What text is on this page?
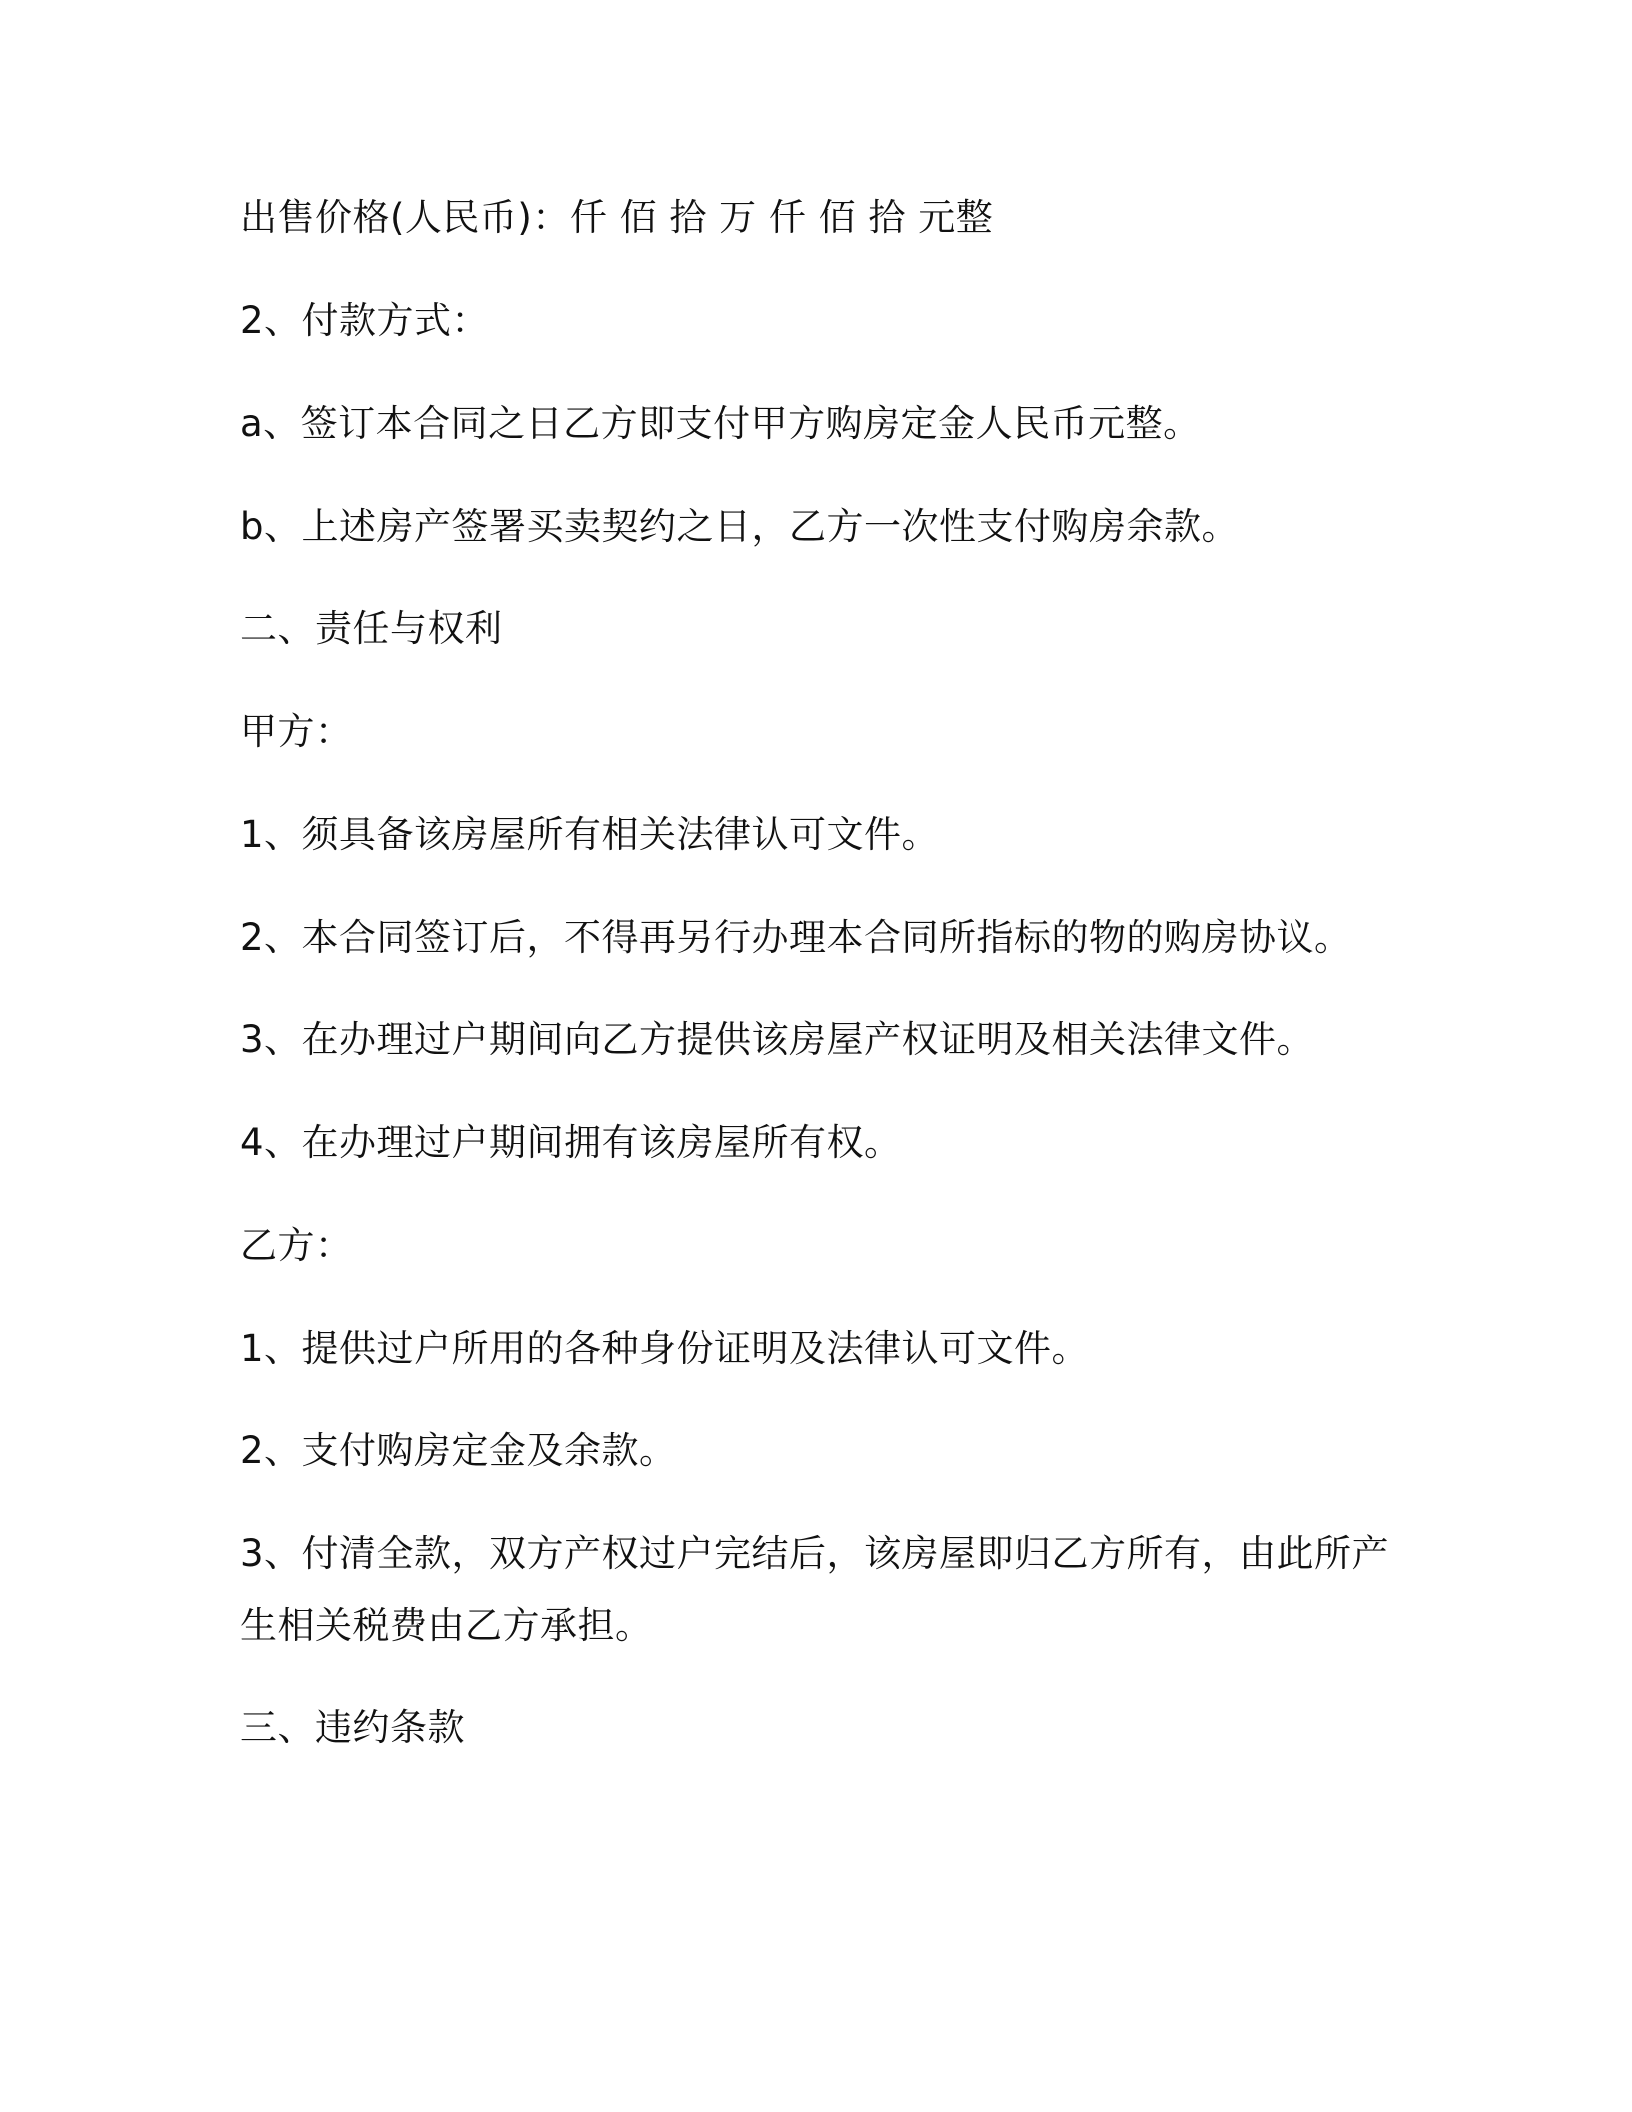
出售价格(人民币)：仟 佰 拾 万 仟 佰 拾 元整
2、付款方式：
a、签订本合同之日乙方即支付甲方购房定金人民币元整。
b、上述房产签署买卖契约之日，乙方一次性支付购房余款。
二、责任与权利
甲方：
1、须具备该房屋所有相关法律认可文件。
2、本合同签订后，不得再另行办理本合同所指标的物的购房协议。
3、在办理过户期间向乙方提供该房屋产权证明及相关法律文件。
4、在办理过户期间拥有该房屋所有权。
乙方：
1、提供过户所用的各种身份证明及法律认可文件。
2、支付购房定金及余款。
3、付清全款，双方产权过户完结后，该房屋即归乙方所有，由此所产
生相关税费由乙方承担。
三、违约条款
